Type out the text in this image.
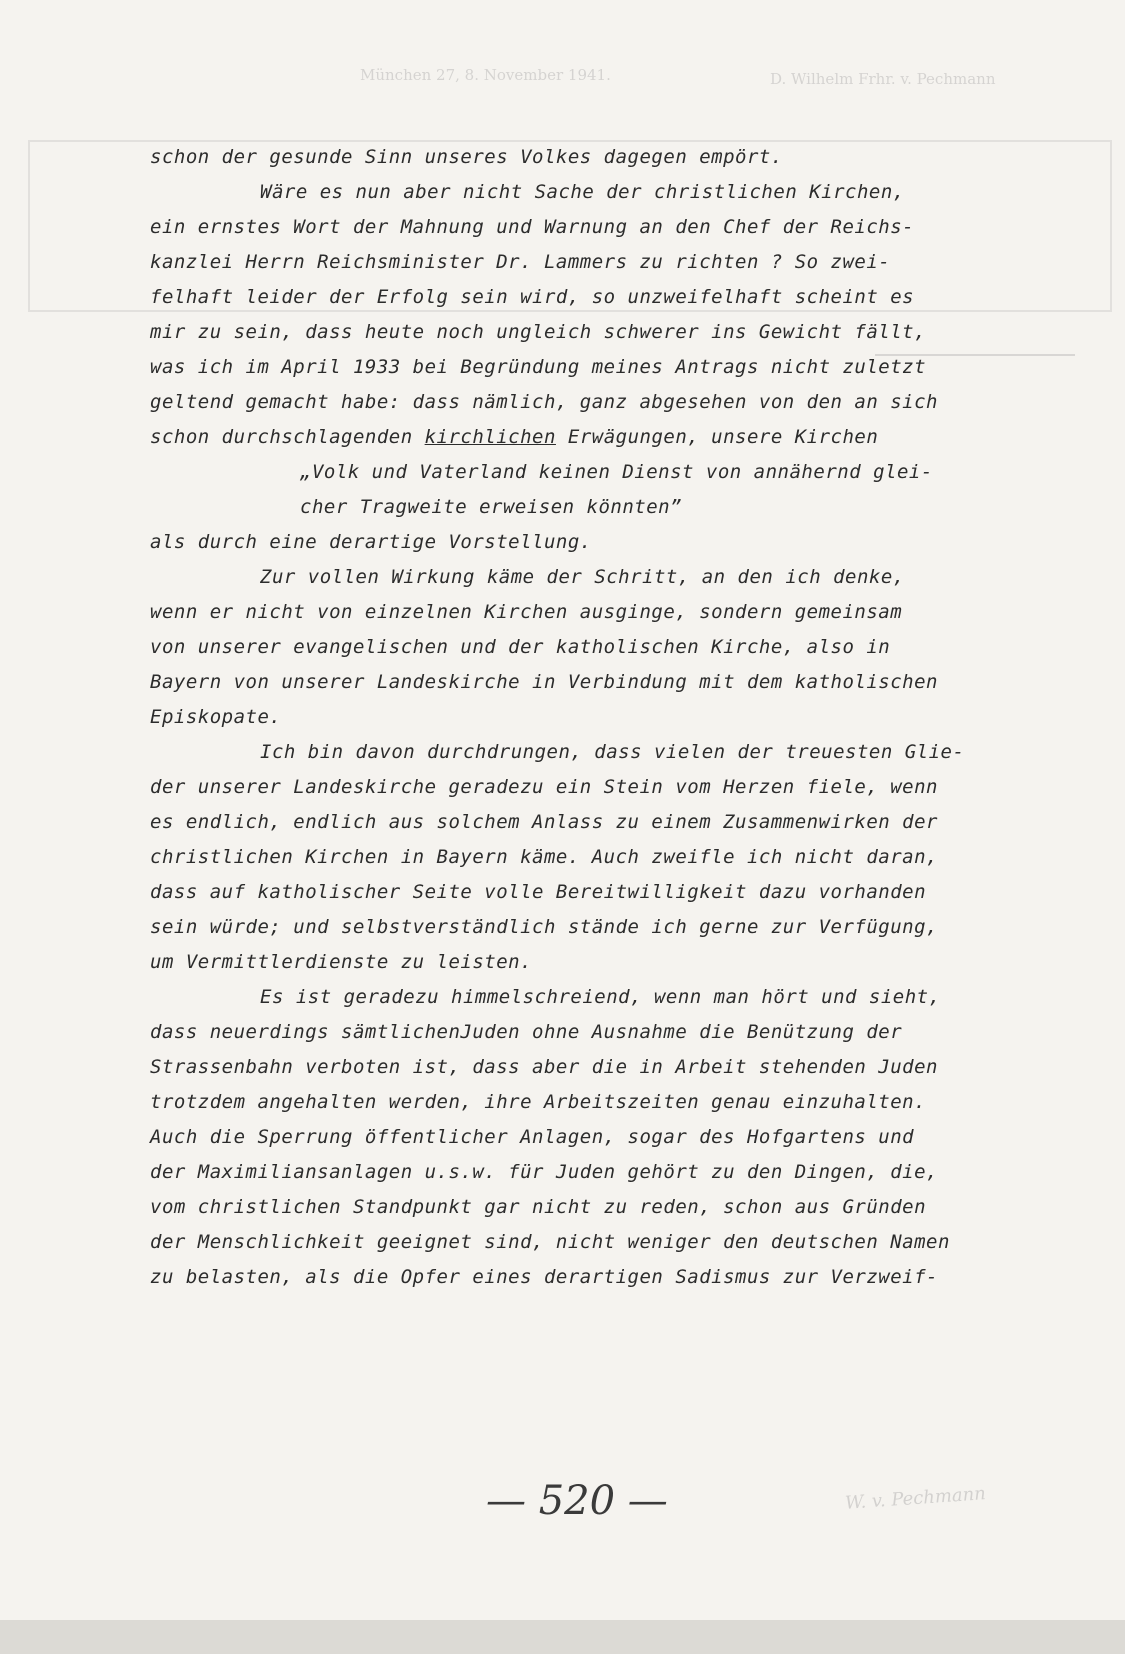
München 27, 8. November 1941.	D. Wilhelm Frhr. v. Pechmann
schon der gesunde Sinn unseres Volkes dagegen empört.
Wäre es nun aber nicht Sache der christlichen Kirchen,
ein ernstes Wort der Mahnung und Warnung an den Chef der Reichs-
kanzlei Herrn Reichsminister Dr. Lammers zu richten ? So zwei-
felhaft leider der Erfolg sein wird, so unzweifelhaft scheint es
mir zu sein, dass heute noch ungleich schwerer ins Gewicht fällt,
was ich im April 1933 bei Begründung meines Antrags nicht zuletzt
geltend gemacht habe: dass nämlich, ganz abgesehen von den an sich
schon durchschlagenden kirchlichen Erwägungen, unsere Kirchen
„Volk und Vaterland keinen Dienst von annähernd glei-
cher Tragweite erweisen könnten”
als durch eine derartige Vorstellung.
Zur vollen Wirkung käme der Schritt, an den ich denke,
wenn er nicht von einzelnen Kirchen ausginge, sondern gemeinsam
von unserer evangelischen und der katholischen Kirche, also in
Bayern von unserer Landeskirche in Verbindung mit dem katholischen
Episkopate.
Ich bin davon durchdrungen, dass vielen der treuesten Glie-
der unserer Landeskirche geradezu ein Stein vom Herzen fiele, wenn
es endlich, endlich aus solchem Anlass zu einem Zusammenwirken der
christlichen Kirchen in Bayern käme. Auch zweifle ich nicht daran,
dass auf katholischer Seite volle Bereitwilligkeit dazu vorhanden
sein würde; und selbstverständlich stände ich gerne zur Verfügung,
um Vermittlerdienste zu leisten.
Es ist geradezu himmelschreiend, wenn man hört und sieht,
dass neuerdings sämtlichenJuden ohne Ausnahme die Benützung der
Strassenbahn verboten ist, dass aber die in Arbeit stehenden Juden
trotzdem angehalten werden, ihre Arbeitszeiten genau einzuhalten.
Auch die Sperrung öffentlicher Anlagen, sogar des Hofgartens und
der Maximiliansanlagen u.s.w. für Juden gehört zu den Dingen, die,
vom christlichen Standpunkt gar nicht zu reden, schon aus Gründen
der Menschlichkeit geeignet sind, nicht weniger den deutschen Namen
zu belasten, als die Opfer eines derartigen Sadismus zur Verzweif-
— 520 —	W. v. Pechmann
